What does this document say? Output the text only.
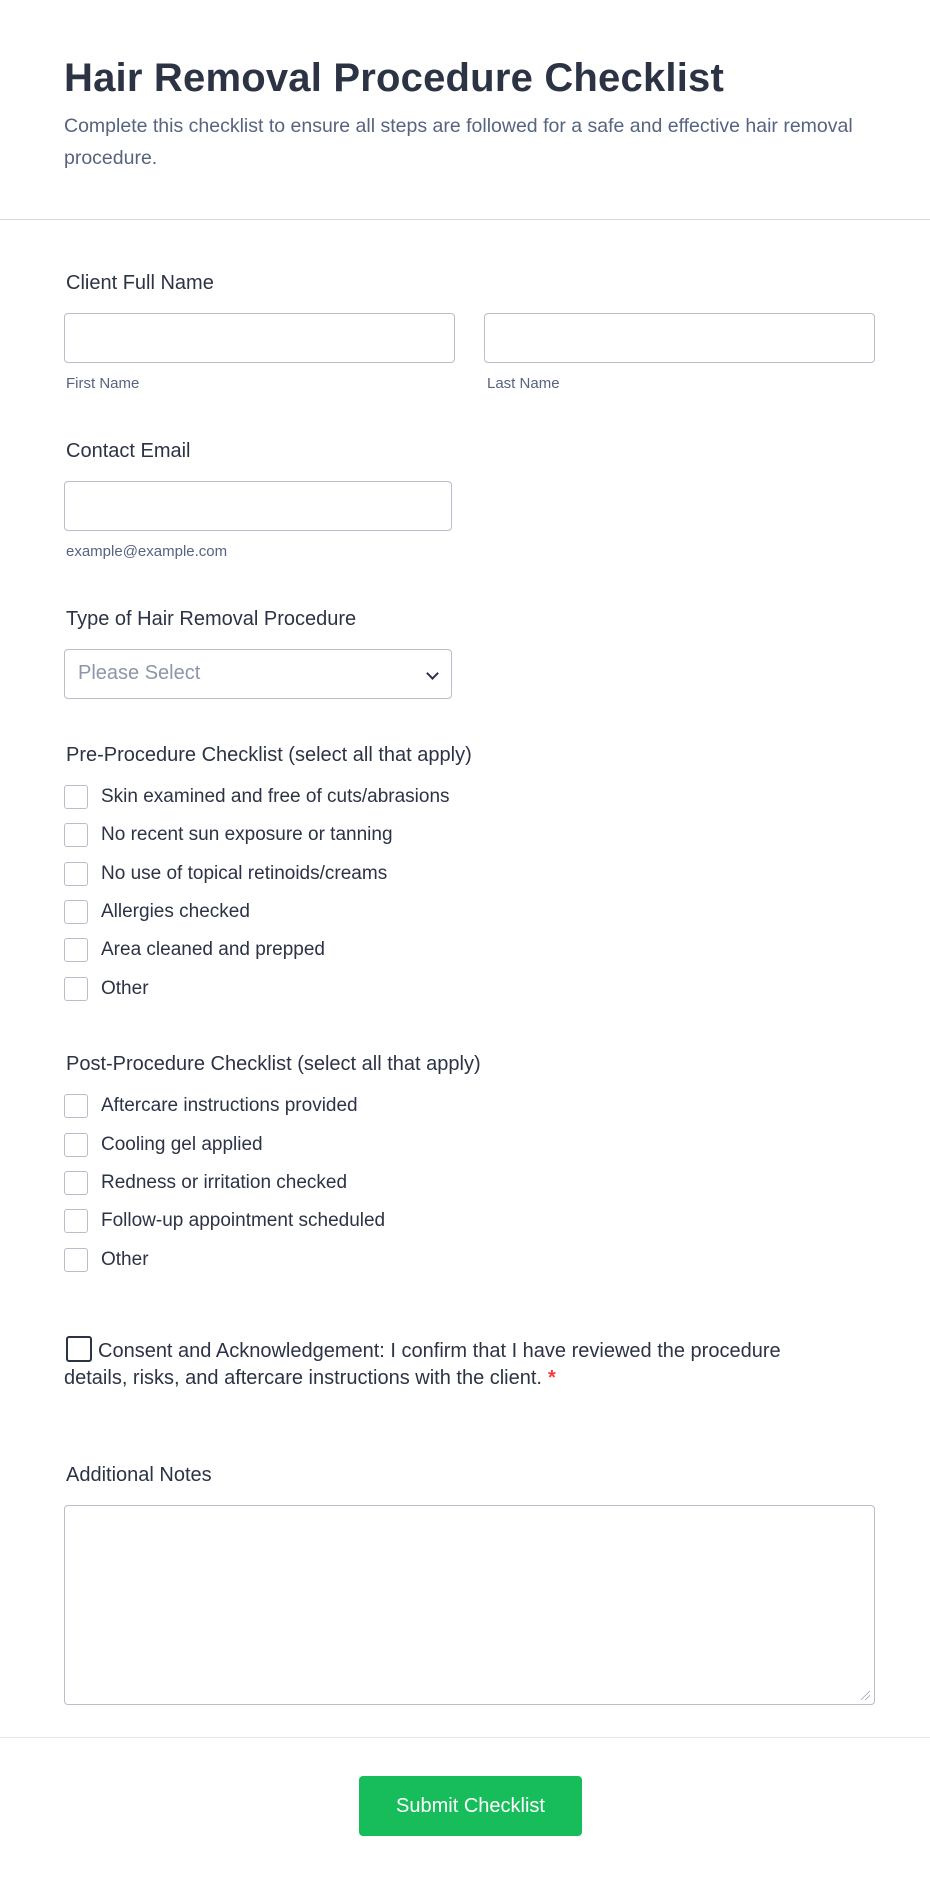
Hair Removal Procedure Checklist

Complete this checklist to ensure all steps are followed for a safe and effective hair removal procedure.

Client Full Name
First Name	Last Name
Contact Email
example@example.com
Type of Hair Removal Procedure
Please Select
Pre-Procedure Checklist (select all that apply)
Skin examined and free of cuts/abrasions
No recent sun exposure or tanning
No use of topical retinoids/creams
Allergies checked
Area cleaned and prepped
Other
Post-Procedure Checklist (select all that apply)
Aftercare instructions provided
Cooling gel applied
Redness or irritation checked
Follow-up appointment scheduled
Other
Consent and Acknowledgement: I confirm that I have reviewed the procedure details, risks, and aftercare instructions with the client. *
Additional Notes
Submit Checklist
